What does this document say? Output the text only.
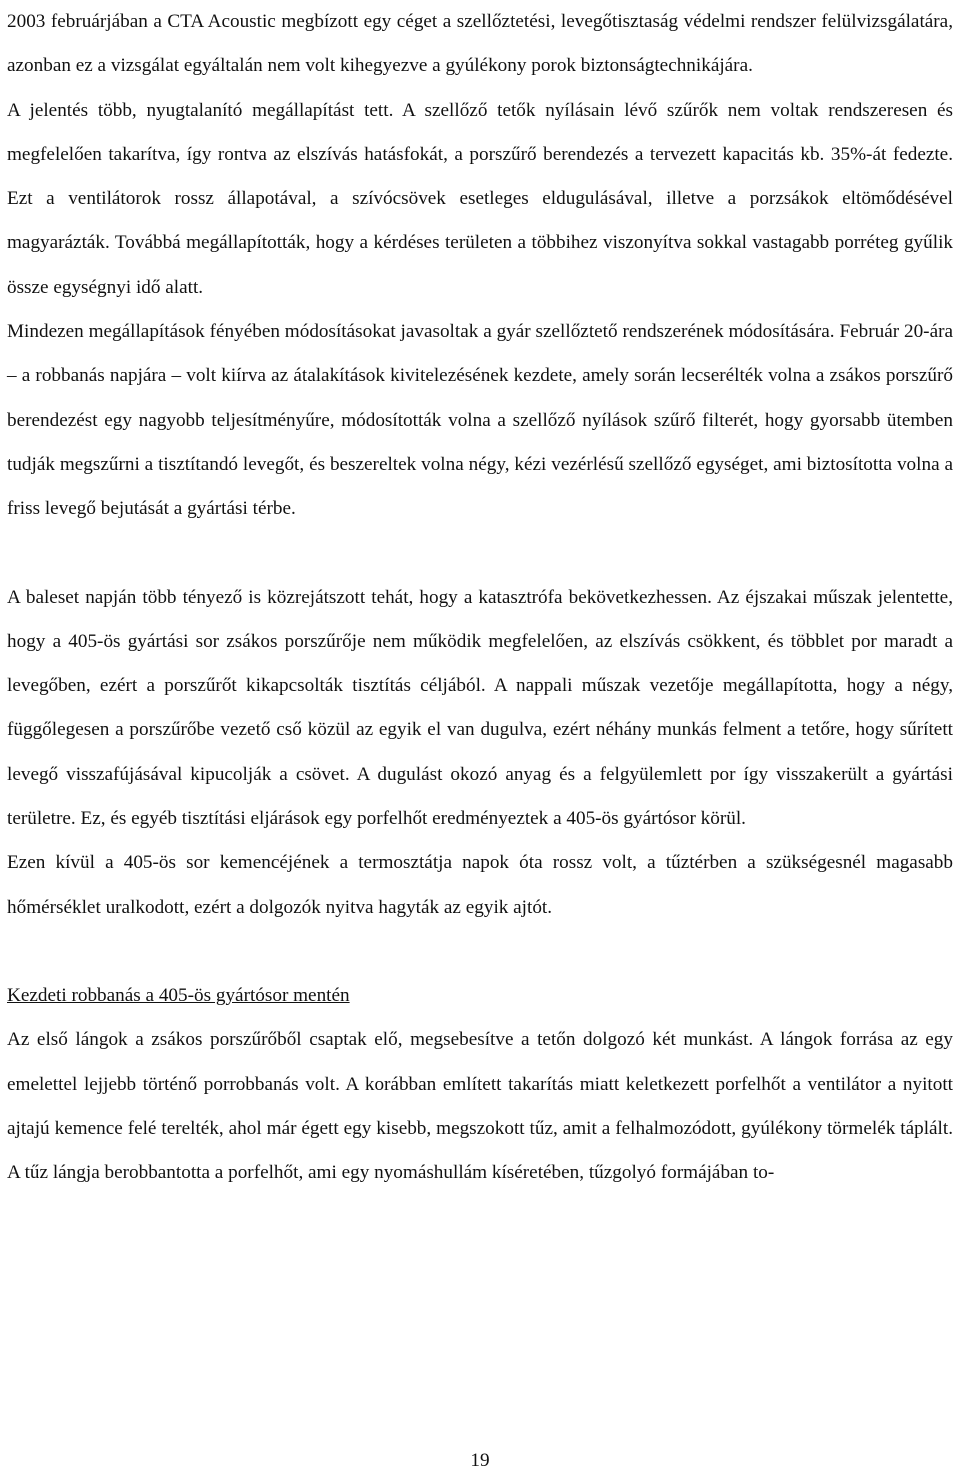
2003 februárjában a CTA Acoustic megbízott egy céget a szellőztetési, levegőtisztaság védelmi rendszer felülvizsgálatára, azonban ez a vizsgálat egyáltalán nem volt kihegyezve a gyúlékony porok biztonságtechnikájára.

A jelentés több, nyugtalanító megállapítást tett. A szellőző tetők nyílásain lévő szűrők nem voltak rendszeresen és megfelelően takarítva, így rontva az elszívás hatásfokát, a porszűrő berendezés a tervezett kapacitás kb. 35%-át fedezte. Ezt a ventilátorok rossz állapotával, a szívócsövek esetleges eldugulásával, illetve a porzsákok eltömődésével magyarázták. Továbbá megállapították, hogy a kérdéses területen a többihez viszonyítva sokkal vastagabb porréteg gyűlik össze egységnyi idő alatt.

Mindezen megállapítások fényében módosításokat javasoltak a gyár szellőztető rendszerének módosítására. Február 20-ára – a robbanás napjára – volt kiírva az átalakítások kivitelezésének kezdete, amely során lecserélték volna a zsákos porszűrő berendezést egy nagyobb teljesítményűre, módosították volna a szellőző nyílások szűrő filterét, hogy gyorsabb ütemben tudják megszűrni a tisztítandó levegőt, és beszereltek volna négy, kézi vezérlésű szellőző egységet, ami biztosította volna a friss levegő bejutását a gyártási térbe.

A baleset napján több tényező is közrejátszott tehát, hogy a katasztrófa bekövetkezhessen. Az éjszakai műszak jelentette, hogy a 405-ös gyártási sor zsákos porszűrője nem működik megfelelően, az elszívás csökkent, és többlet por maradt a levegőben, ezért a porszűrőt kikapcsolták tisztítás céljából. A nappali műszak vezetője megállapította, hogy a négy, függőlegesen a porszűrőbe vezető cső közül az egyik el van dugulva, ezért néhány munkás felment a tetőre, hogy sűrített levegő visszafújásával kipucolják a csövet. A dugulást okozó anyag és a felgyülemlett por így visszakerült a gyártási területre. Ez, és egyéb tisztítási eljárások egy porfelhőt eredményeztek a 405-ös gyártósor körül.

Ezen kívül a 405-ös sor kemencéjének a termosztátja napok óta rossz volt, a tűztérben a szükségesnél magasabb hőmérséklet uralkodott, ezért a dolgozók nyitva hagyták az egyik ajtót.

Kezdeti robbanás a 405-ös gyártósor mentén

Az első lángok a zsákos porszűrőből csaptak elő, megsebesítve a tetőn dolgozó két munkást. A lángok forrása az egy emelettel lejjebb történő porrobbanás volt. A korábban említett takarítás miatt keletkezett porfelhőt a ventilátor a nyitott ajtajú kemence felé terelték, ahol már égett egy kisebb, megszokott tűz, amit a felhalmozódott, gyúlékony törmelék táplált. A tűz lángja berobbantotta a porfelhőt, ami egy nyomáshullám kíséretében, tűzgolyó formájában to-

19
